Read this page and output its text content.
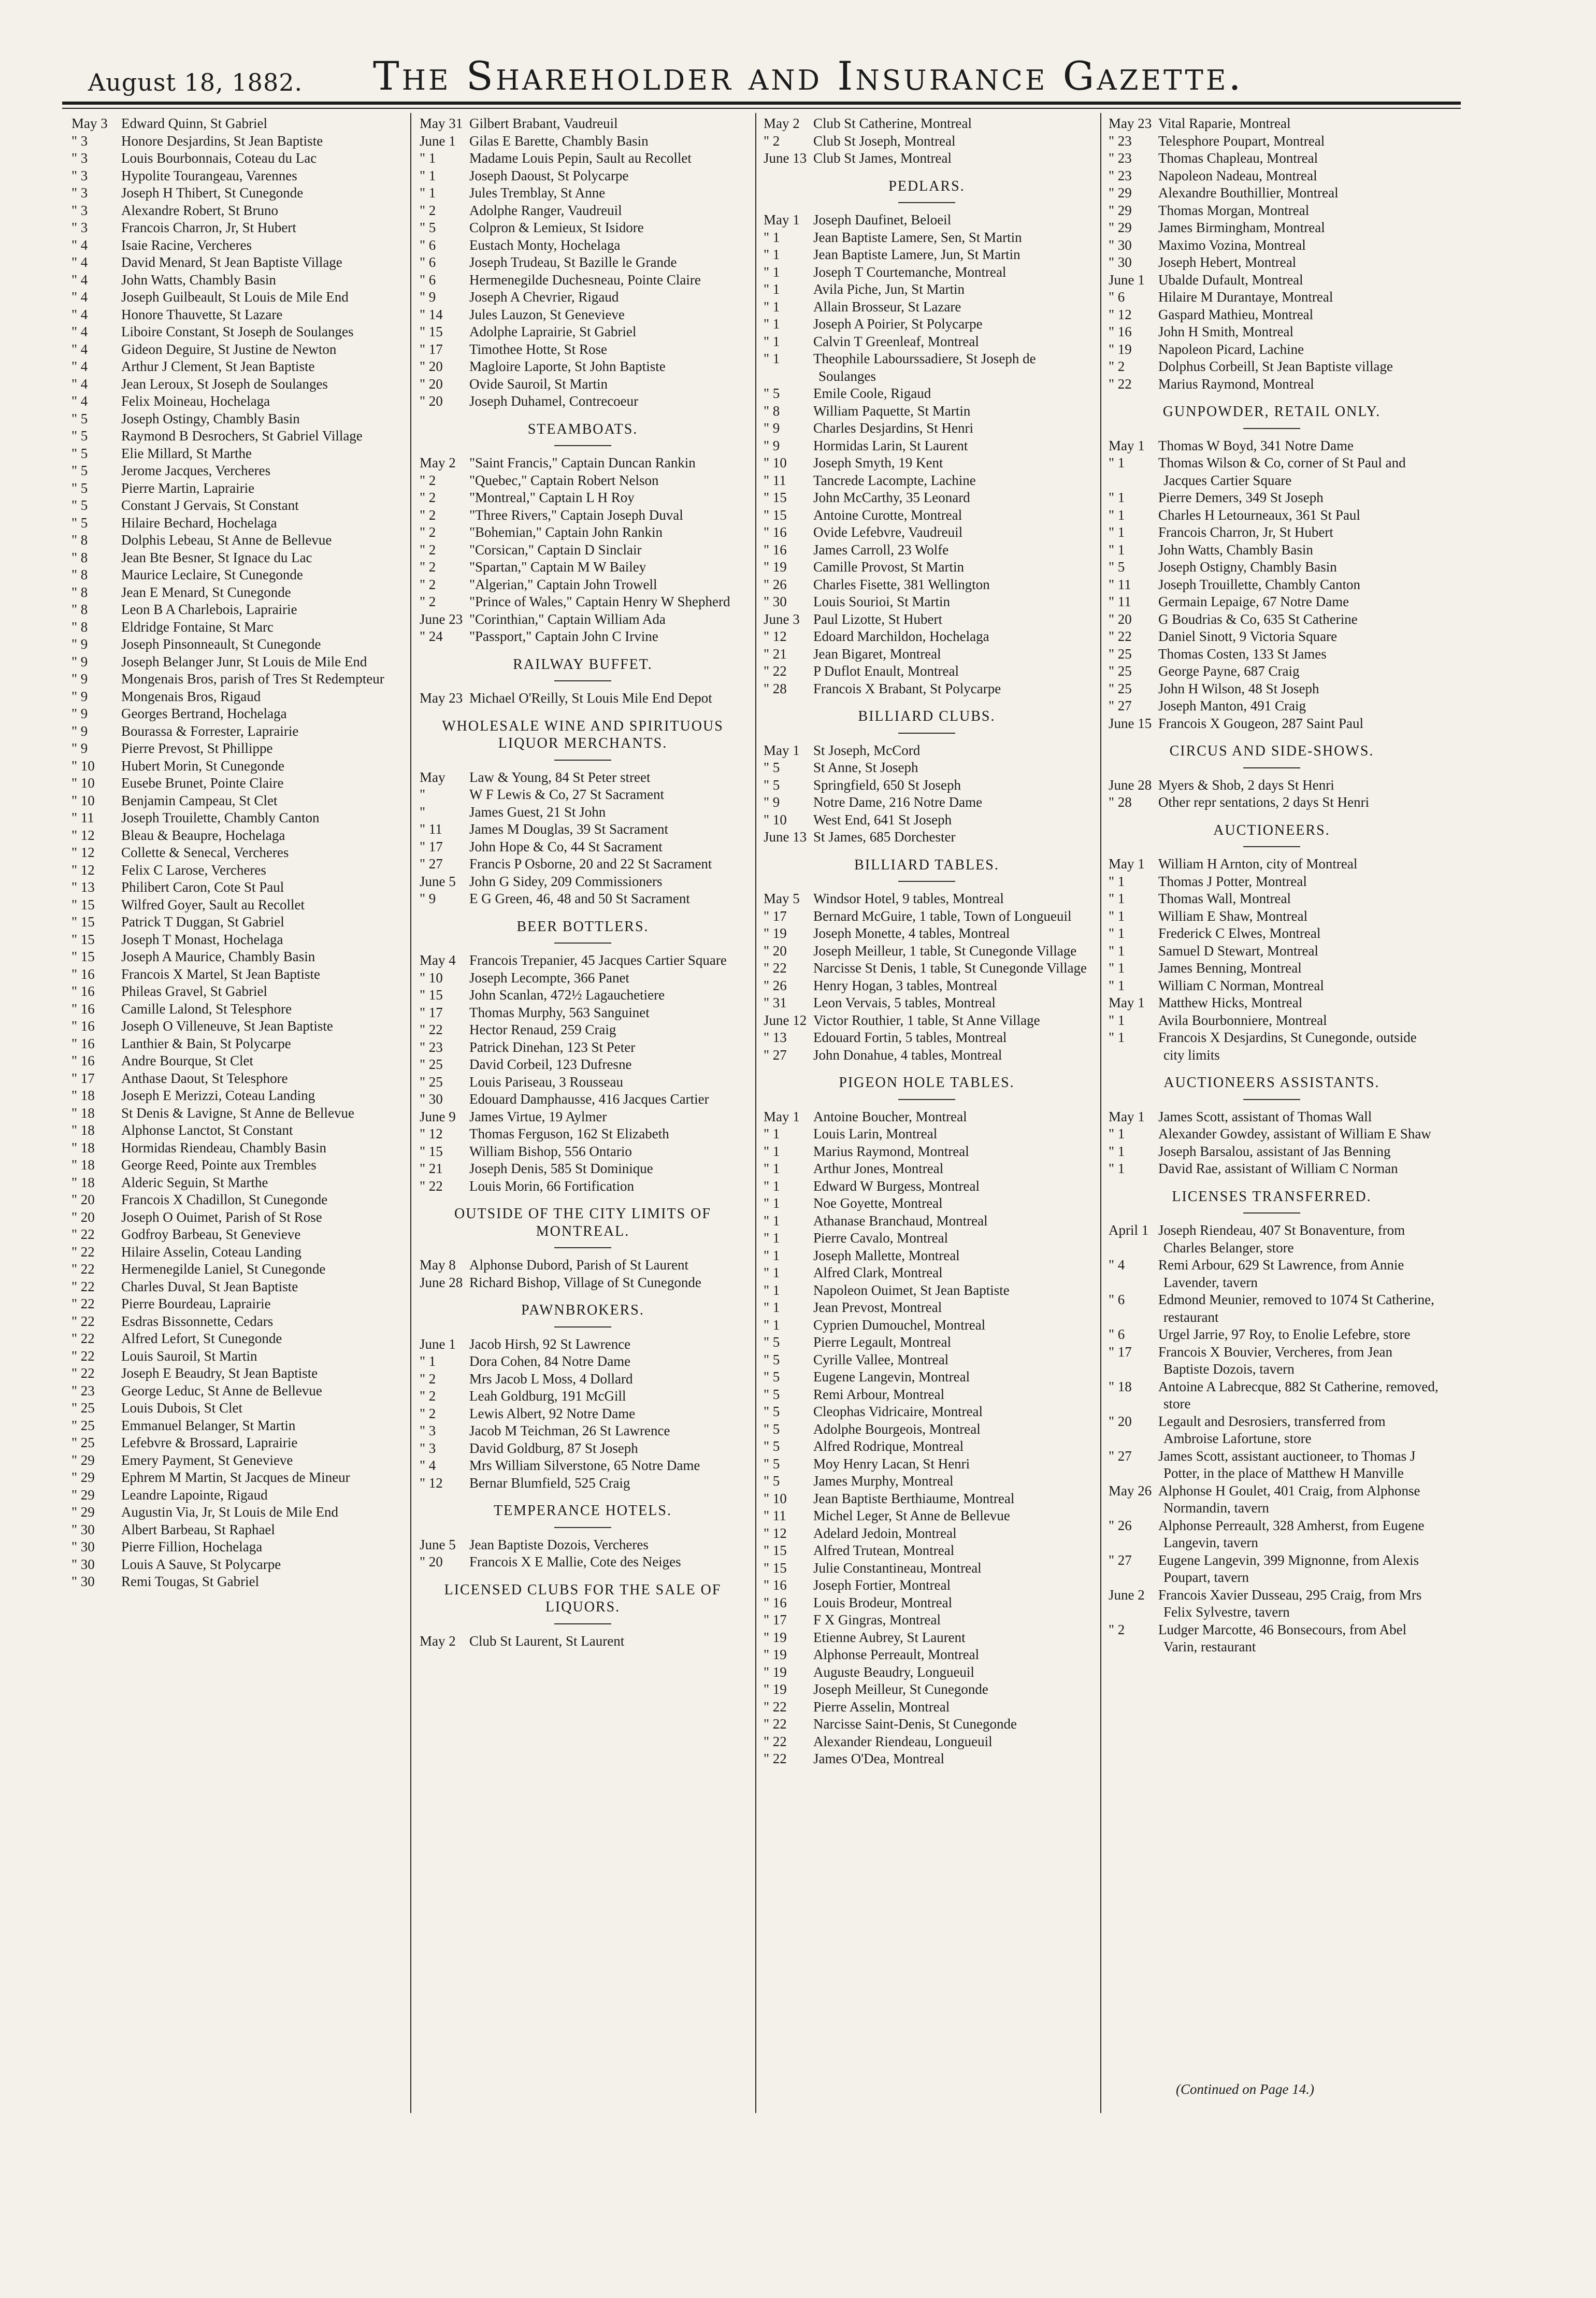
August 18, 1882. The Shareholder and Insurance Gazette.

May 3 Edward Quinn, St Gabriel

" 3 Honore Desjardins, St Jean Baptiste

" 3 Louis Bourbonnais, Coteau du Lac

" 3 Hypolite Tourangeau, Varennes

" 3 Joseph H Thibert, St Cunegonde

" 3 Alexandre Robert, St Bruno

" 3 Francois Charron, Jr, St Hubert

" 4 Isaie Racine, Vercheres

" 4 David Menard, St Jean Baptiste Village

" 4 John Watts, Chambly Basin

" 4 Joseph Guilbeault, St Louis de Mile End

" 4 Honore Thauvette, St Lazare

" 4 Liboire Constant, St Joseph de Soulanges

" 4 Gideon Deguire, St Justine de Newton

" 4 Arthur J Clement, St Jean Baptiste

" 4 Jean Leroux, St Joseph de Soulanges

" 4 Felix Moineau, Hochelaga

" 5 Joseph Ostingy, Chambly Basin

" 5 Raymond B Desrochers, St Gabriel Village

" 5 Elie Millard, St Marthe

" 5 Jerome Jacques, Vercheres

" 5 Pierre Martin, Laprairie

" 5 Constant J Gervais, St Constant

" 5 Hilaire Bechard, Hochelaga

" 8 Dolphis Lebeau, St Anne de Bellevue

" 8 Jean Bte Besner, St Ignace du Lac

" 8 Maurice Leclaire, St Cunegonde

" 8 Jean E Menard, St Cunegonde

" 8 Leon B A Charlebois, Laprairie

" 8 Eldridge Fontaine, St Marc

" 9 Joseph Pinsonneault, St Cunegonde

" 9 Joseph Belanger Junr, St Louis de Mile End

" 9 Mongenais Bros, parish of Tres St Redempteur

" 9 Mongenais Bros, Rigaud

" 9 Georges Bertrand, Hochelaga

" 9 Bourassa & Forrester, Laprairie

" 9 Pierre Prevost, St Phillippe

" 10 Hubert Morin, St Cunegonde

" 10 Eusebe Brunet, Pointe Claire

" 10 Benjamin Campeau, St Clet

" 11 Joseph Trouilette, Chambly Canton

" 12 Bleau & Beaupre, Hochelaga

" 12 Collette & Senecal, Vercheres

" 12 Felix C Larose, Vercheres

" 13 Philibert Caron, Cote St Paul

" 15 Wilfred Goyer, Sault au Recollet

" 15 Patrick T Duggan, St Gabriel

" 15 Joseph T Monast, Hochelaga

" 15 Joseph A Maurice, Chambly Basin

" 16 Francois X Martel, St Jean Baptiste

" 16 Phileas Gravel, St Gabriel

" 16 Camille Lalond, St Telesphore

" 16 Joseph O Villeneuve, St Jean Baptiste

" 16 Lanthier & Bain, St Polycarpe

" 16 Andre Bourque, St Clet

" 17 Anthase Daout, St Telesphore

" 18 Joseph E Merizzi, Coteau Landing

" 18 St Denis & Lavigne, St Anne de Bellevue

" 18 Alphonse Lanctot, St Constant

" 18 Hormidas Riendeau, Chambly Basin

" 18 George Reed, Pointe aux Trembles

" 18 Alderic Seguin, St Marthe

" 20 Francois X Chadillon, St Cunegonde

" 20 Joseph O Ouimet, Parish of St Rose

" 22 Godfroy Barbeau, St Genevieve

" 22 Hilaire Asselin, Coteau Landing

" 22 Hermenegilde Laniel, St Cunegonde

" 22 Charles Duval, St Jean Baptiste

" 22 Pierre Bourdeau, Laprairie

" 22 Esdras Bissonnette, Cedars

" 22 Alfred Lefort, St Cunegonde

" 22 Louis Sauroil, St Martin

" 22 Joseph E Beaudry, St Jean Baptiste

" 23 George Leduc, St Anne de Bellevue

" 25 Louis Dubois, St Clet

" 25 Emmanuel Belanger, St Martin

" 25 Lefebvre & Brossard, Laprairie

" 29 Emery Payment, St Genevieve

" 29 Ephrem M Martin, St Jacques de Mineur

" 29 Leandre Lapointe, Rigaud

" 29 Augustin Via, Jr, St Louis de Mile End

" 30 Albert Barbeau, St Raphael

" 30 Pierre Fillion, Hochelaga

" 30 Louis A Sauve, St Polycarpe

" 30 Remi Tougas, St Gabriel

May 31 Gilbert Brabant, Vaudreuil

June 1 Gilas E Barette, Chambly Basin

" 1 Madame Louis Pepin, Sault au Recollet

" 1 Joseph Daoust, St Polycarpe

" 1 Jules Tremblay, St Anne

" 2 Adolphe Ranger, Vaudreuil

" 5 Colpron & Lemieux, St Isidore

" 6 Eustach Monty, Hochelaga

" 6 Joseph Trudeau, St Bazille le Grande

" 6 Hermenegilde Duchesneau, Pointe Claire

" 9 Joseph A Chevrier, Rigaud

" 14 Jules Lauzon, St Genevieve

" 15 Adolphe Laprairie, St Gabriel

" 17 Timothee Hotte, St Rose

" 20 Magloire Laporte, St John Baptiste

" 20 Ovide Sauroil, St Martin

" 20 Joseph Duhamel, Contrecoeur

STEAMBOATS.

May 2 "Saint Francis," Captain Duncan Rankin

" 2 "Quebec," Captain Robert Nelson

" 2 "Montreal," Captain L H Roy

" 2 "Three Rivers," Captain Joseph Duval

" 2 "Bohemian," Captain John Rankin

" 2 "Corsican," Captain D Sinclair

" 2 "Spartan," Captain M W Bailey

" 2 "Algerian," Captain John Trowell

" 2 "Prince of Wales," Captain Henry W Shepherd

June 23 "Corinthian," Captain William Ada

" 24 "Passport," Captain John C Irvine

RAILWAY BUFFET.

May 23 Michael O'Reilly, St Louis Mile End Depot

WHOLESALE WINE AND SPIRITUOUS LIQUOR MERCHANTS.

May Law & Young, 84 St Peter street

"	W F Lewis & Co, 27 St Sacrament

"	James Guest, 21 St John

" 11 James M Douglas, 39 St Sacrament

" 17 John Hope & Co, 44 St Sacrament

" 27 Francis P Osborne, 20 and 22 St Sacrament

June 5 John G Sidey, 209 Commissioners

" 9 E G Green, 46, 48 and 50 St Sacrament

BEER BOTTLERS.

May 4 Francois Trepanier, 45 Jacques Cartier Square

" 10 Joseph Lecompte, 366 Panet

" 15 John Scanlan, 472½ Lagauchetiere

" 17 Thomas Murphy, 563 Sanguinet

" 22 Hector Renaud, 259 Craig

" 23 Patrick Dinehan, 123 St Peter

" 25 David Corbeil, 123 Dufresne

" 25 Louis Pariseau, 3 Rousseau

" 30 Edouard Damphausse, 416 Jacques Cartier

June 9 James Virtue, 19 Aylmer

" 12 Thomas Ferguson, 162 St Elizabeth

" 15 William Bishop, 556 Ontario

" 21 Joseph Denis, 585 St Dominique

" 22 Louis Morin, 66 Fortification

OUTSIDE OF THE CITY LIMITS OF MONTREAL.

May 8 Alphonse Dubord, Parish of St Laurent

June 28 Richard Bishop, Village of St Cunegonde

PAWNBROKERS.

June 1 Jacob Hirsh, 92 St Lawrence

" 1 Dora Cohen, 84 Notre Dame

" 2 Mrs Jacob L Moss, 4 Dollard

" 2 Leah Goldburg, 191 McGill

" 2 Lewis Albert, 92 Notre Dame

" 3 Jacob M Teichman, 26 St Lawrence

" 3 David Goldburg, 87 St Joseph

" 4 Mrs William Silverstone, 65 Notre Dame

" 12 Bernar Blumfield, 525 Craig

TEMPERANCE HOTELS.

June 5 Jean Baptiste Dozois, Vercheres

" 20 Francois X E Mallie, Cote des Neiges

LICENSED CLUBS FOR THE SALE OF LIQUORS.

May 2 Club St Laurent, St Laurent

May 2 Club St Catherine, Montreal

" 2 Club St Joseph, Montreal

June 13 Club St James, Montreal

PEDLARS.

May 1 Joseph Daufinet, Beloeil

" 1 Jean Baptiste Lamere, Sen, St Martin

" 1 Jean Baptiste Lamere, Jun, St Martin

" 1 Joseph T Courtemanche, Montreal

" 1 Avila Piche, Jun, St Martin

" 1 Allain Brosseur, St Lazare

" 1 Joseph A Poirier, St Polycarpe

" 1 Calvin T Greenleaf, Montreal

" 1 Theophile Labourssadiere, St Joseph de Soulanges

" 5 Emile Coole, Rigaud

" 8 William Paquette, St Martin

" 9 Charles Desjardins, St Henri

" 9 Hormidas Larin, St Laurent

" 10 Joseph Smyth, 19 Kent

" 11 Tancrede Lacompte, Lachine

" 15 John McCarthy, 35 Leonard

" 15 Antoine Curotte, Montreal

" 16 Ovide Lefebvre, Vaudreuil

" 16 James Carroll, 23 Wolfe

" 19 Camille Provost, St Martin

" 26 Charles Fisette, 381 Wellington

" 30 Louis Sourioi, St Martin

June 3 Paul Lizotte, St Hubert

" 12 Edoard Marchildon, Hochelaga

" 21 Jean Bigaret, Montreal

" 22 P Duflot Enault, Montreal

" 28 Francois X Brabant, St Polycarpe

BILLIARD CLUBS.

May 1 St Joseph, McCord

" 5 St Anne, St Joseph

" 5 Springfield, 650 St Joseph

" 9 Notre Dame, 216 Notre Dame

" 10 West End, 641 St Joseph

June 13 St James, 685 Dorchester

BILLIARD TABLES.

May 5 Windsor Hotel, 9 tables, Montreal

" 17 Bernard McGuire, 1 table, Town of Longueuil

" 19 Joseph Monette, 4 tables, Montreal

" 20 Joseph Meilleur, 1 table, St Cunegonde Village

" 22 Narcisse St Denis, 1 table, St Cunegonde Village

" 26 Henry Hogan, 3 tables, Montreal

" 31 Leon Vervais, 5 tables, Montreal

June 12 Victor Routhier, 1 table, St Anne Village

" 13 Edouard Fortin, 5 tables, Montreal

" 27 John Donahue, 4 tables, Montreal

PIGEON HOLE TABLES.

May 1 Antoine Boucher, Montreal

" 1 Louis Larin, Montreal

" 1 Marius Raymond, Montreal

" 1 Arthur Jones, Montreal

" 1 Edward W Burgess, Montreal

" 1 Noe Goyette, Montreal

" 1 Athanase Branchaud, Montreal

" 1 Pierre Cavalo, Montreal

" 1 Joseph Mallette, Montreal

" 1 Alfred Clark, Montreal

" 1 Napoleon Ouimet, St Jean Baptiste

" 1 Jean Prevost, Montreal

" 1 Cyprien Dumouchel, Montreal

" 5 Pierre Legault, Montreal

" 5 Cyrille Vallee, Montreal

" 5 Eugene Langevin, Montreal

" 5 Remi Arbour, Montreal

" 5 Cleophas Vidricaire, Montreal

" 5 Adolphe Bourgeois, Montreal

" 5 Alfred Rodrique, Montreal

" 5 Moy Henry Lacan, St Henri

" 5 James Murphy, Montreal

" 10 Jean Baptiste Berthiaume, Montreal

" 11 Michel Leger, St Anne de Bellevue

" 12 Adelard Jedoin, Montreal

" 15 Alfred Trutean, Montreal

" 15 Julie Constantineau, Montreal

" 16 Joseph Fortier, Montreal

" 16 Louis Brodeur, Montreal

" 17 F X Gingras, Montreal

" 19 Etienne Aubrey, St Laurent

" 19 Alphonse Perreault, Montreal

" 19 Auguste Beaudry, Longueuil

" 19 Joseph Meilleur, St Cunegonde

" 22 Pierre Asselin, Montreal

" 22 Narcisse Saint-Denis, St Cunegonde

" 22 Alexander Riendeau, Longueuil

" 22 James O'Dea, Montreal

May 23 Vital Raparie, Montreal

" 23 Telesphore Poupart, Montreal

" 23 Thomas Chapleau, Montreal

" 23 Napoleon Nadeau, Montreal

" 29 Alexandre Bouthillier, Montreal

" 29 Thomas Morgan, Montreal

" 29 James Birmingham, Montreal

" 30 Maximo Vozina, Montreal

" 30 Joseph Hebert, Montreal

June 1 Ubalde Dufault, Montreal

" 6 Hilaire M Durantaye, Montreal

" 12 Gaspard Mathieu, Montreal

" 16 John H Smith, Montreal

" 19 Napoleon Picard, Lachine

" 2 Dolphus Corbeill, St Jean Baptiste village

" 22 Marius Raymond, Montreal

GUNPOWDER, RETAIL ONLY.

May 1 Thomas W Boyd, 341 Notre Dame

" 1 Thomas Wilson & Co, corner of St Paul and Jacques Cartier Square

" 1 Pierre Demers, 349 St Joseph

" 1 Charles H Letourneaux, 361 St Paul

" 1 Francois Charron, Jr, St Hubert

" 1 John Watts, Chambly Basin

" 5 Joseph Ostigny, Chambly Basin

" 11 Joseph Trouillette, Chambly Canton

" 11 Germain Lepaige, 67 Notre Dame

" 20 G Boudrias & Co, 635 St Catherine

" 22 Daniel Sinott, 9 Victoria Square

" 25 Thomas Costen, 133 St James

" 25 George Payne, 687 Craig

" 25 John H Wilson, 48 St Joseph

" 27 Joseph Manton, 491 Craig

June 15 Francois X Gougeon, 287 Saint Paul

CIRCUS AND SIDE-SHOWS.

June 28 Myers & Shob, 2 days St Henri

" 28 Other repr sentations, 2 days St Henri

AUCTIONEERS.

May 1 William H Arnton, city of Montreal

" 1 Thomas J Potter, Montreal

" 1 Thomas Wall, Montreal

" 1 William E Shaw, Montreal

" 1 Frederick C Elwes, Montreal

" 1 Samuel D Stewart, Montreal

" 1 James Benning, Montreal

" 1 William C Norman, Montreal

May 1 Matthew Hicks, Montreal

" 1 Avila Bourbonniere, Montreal

" 1 Francois X Desjardins, St Cunegonde, outside city limits

AUCTIONEERS ASSISTANTS.

May 1 James Scott, assistant of Thomas Wall

" 1 Alexander Gowdey, assistant of William E Shaw

" 1 Joseph Barsalou, assistant of Jas Benning

" 1 David Rae, assistant of William C Norman

LICENSES TRANSFERRED.

April 1 Joseph Riendeau, 407 St Bonaventure, from Charles Belanger, store

" 4 Remi Arbour, 629 St Lawrence, from Annie Lavender, tavern

" 6 Edmond Meunier, removed to 1074 St Catherine, restaurant

" 6 Urgel Jarrie, 97 Roy, to Enolie Lefebre, store

" 17 Francois X Bouvier, Vercheres, from Jean Baptiste Dozois, tavern

" 18 Antoine A Labrecque, 882 St Catherine, removed, store

" 20 Legault and Desrosiers, transferred from Ambroise Lafortune, store

" 27 James Scott, assistant auctioneer, to Thomas J Potter, in the place of Matthew H Manville

May 26 Alphonse H Goulet, 401 Craig, from Alphonse Normandin, tavern

" 26 Alphonse Perreault, 328 Amherst, from Eugene Langevin, tavern

" 27 Eugene Langevin, 399 Mignonne, from Alexis Poupart, tavern

June 2 Francois Xavier Dusseau, 295 Craig, from Mrs Felix Sylvestre, tavern

" 2 Ludger Marcotte, 46 Bonsecours, from Abel Varin, restaurant

(Continued on Page 14.)
